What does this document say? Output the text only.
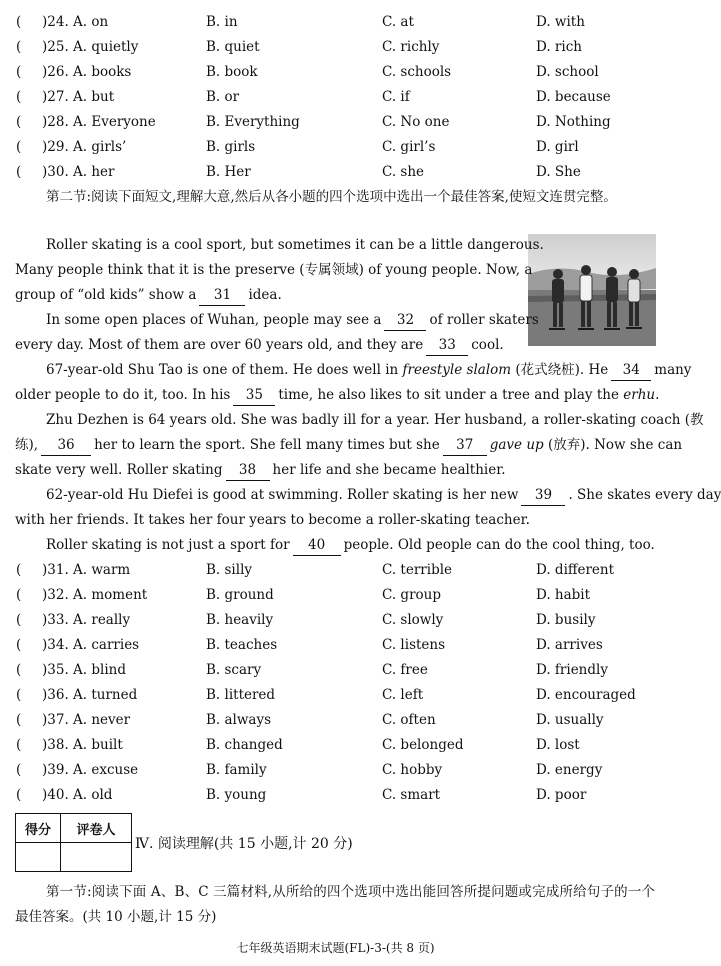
( )24. A. on	B. in	C. at	D. with
( )25. A. quietly	B. quiet	C. richly	D. rich
( )26. A. books	B. book	C. schools	D. school
( )27. A. but	B. or	C. if	D. because
( )28. A. Everyone	B. Everything	C. No one	D. Nothing
( )29. A. girls’	B. girls	C. girl’s	D. girl
( )30. A. her	B. Her	C. she	D. She
第二节:阅读下面短文,理解大意,然后从各小题的四个选项中选出一个最佳答案,使短文连贯完整。
Roller skating is a cool sport, but sometimes it can be a little dangerous.
Many people think that it is the preserve (专属领域) of young people. Now, a
group of “old kids” show a 31 idea.
In some open places of Wuhan, people may see a 32 of roller skaters
every day. Most of them are over 60 years old, and they are 33 cool.
67-year-old Shu Tao is one of them. He does well in freestyle slalom (花式绕桩). He 34 many
older people to do it, too. In his 35 time, he also likes to sit under a tree and play the erhu.
Zhu Dezhen is 64 years old. She was badly ill for a year. Her husband, a roller-skating coach (教
练), 36 her to learn the sport. She fell many times but she 37 gave up (放弃). Now she can
skate very well. Roller skating 38 her life and she became healthier.
62-year-old Hu Diefei is good at swimming. Roller skating is her new 39 . She skates every day
with her friends. It takes her four years to become a roller-skating teacher.
Roller skating is not just a sport for 40 people. Old people can do the cool thing, too.
( )31. A. warm	B. silly	C. terrible	D. different
( )32. A. moment	B. ground	C. group	D. habit
( )33. A. really	B. heavily	C. slowly	D. busily
( )34. A. carries	B. teaches	C. listens	D. arrives
( )35. A. blind	B. scary	C. free	D. friendly
( )36. A. turned	B. littered	C. left	D. encouraged
( )37. A. never	B. always	C. often	D. usually
( )38. A. built	B. changed	C. belonged	D. lost
( )39. A. excuse	B. family	C. hobby	D. energy
( )40. A. old	B. young	C. smart	D. poor
得分	评卷人

Ⅳ. 阅读理解(共 15 小题,计 20 分)
第一节:阅读下面 A、B、C 三篇材料,从所给的四个选项中选出能回答所提问题或完成所给句子的一个最佳答案。(共 10 小题,计 15 分)
七年级英语期末试题(FL)-3-(共 8 页)
